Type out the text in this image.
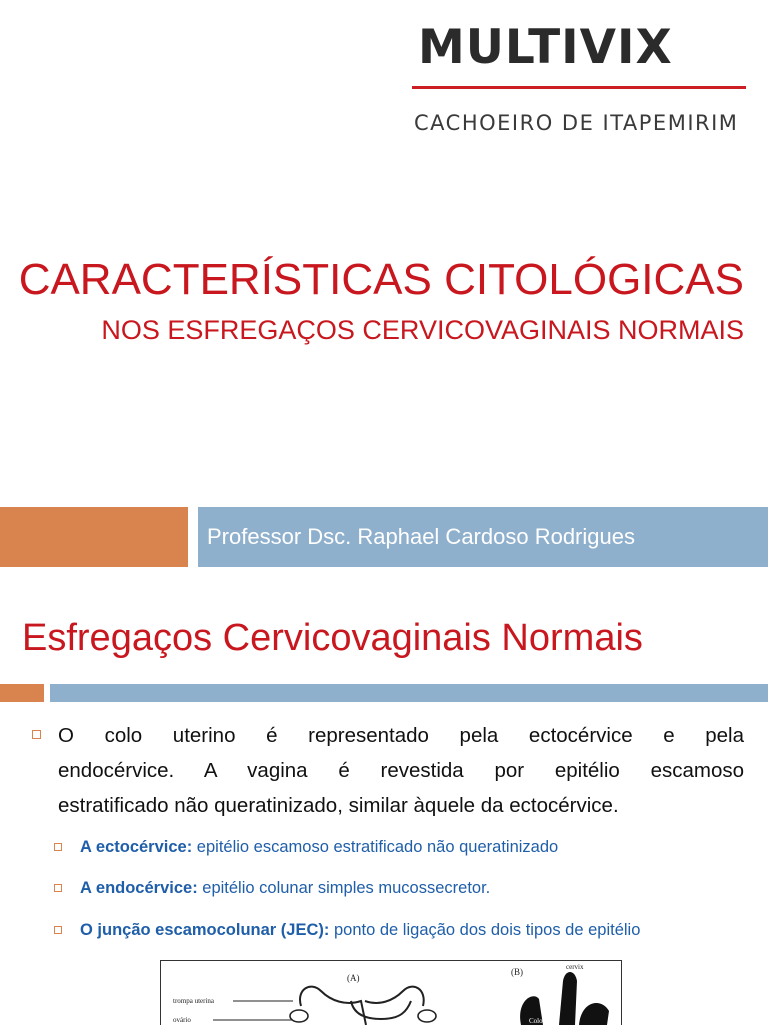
MULTIVIX
CACHOEIRO DE ITAPEMIRIM
CARACTERÍSTICAS CITOLÓGICAS
NOS ESFREGAÇOS CERVICOVAGINAIS NORMAIS
Professor Dsc. Raphael Cardoso Rodrigues
Esfregaços Cervicovaginais Normais
O colo uterino é representado pela ectocérvice e pela
endocérvice. A vagina é revestida por epitélio escamoso
estratificado não queratinizado, similar àquele da ectocérvice.
A ectocérvice: epitélio escamoso estratificado não queratinizado
A endocérvice: epitélio colunar simples mucossecretor.
O junção escamocolunar (JEC): ponto de ligação dos dois tipos de epitélio
(A)
(B)
trompa uterina
ovário
cervix
Colo
